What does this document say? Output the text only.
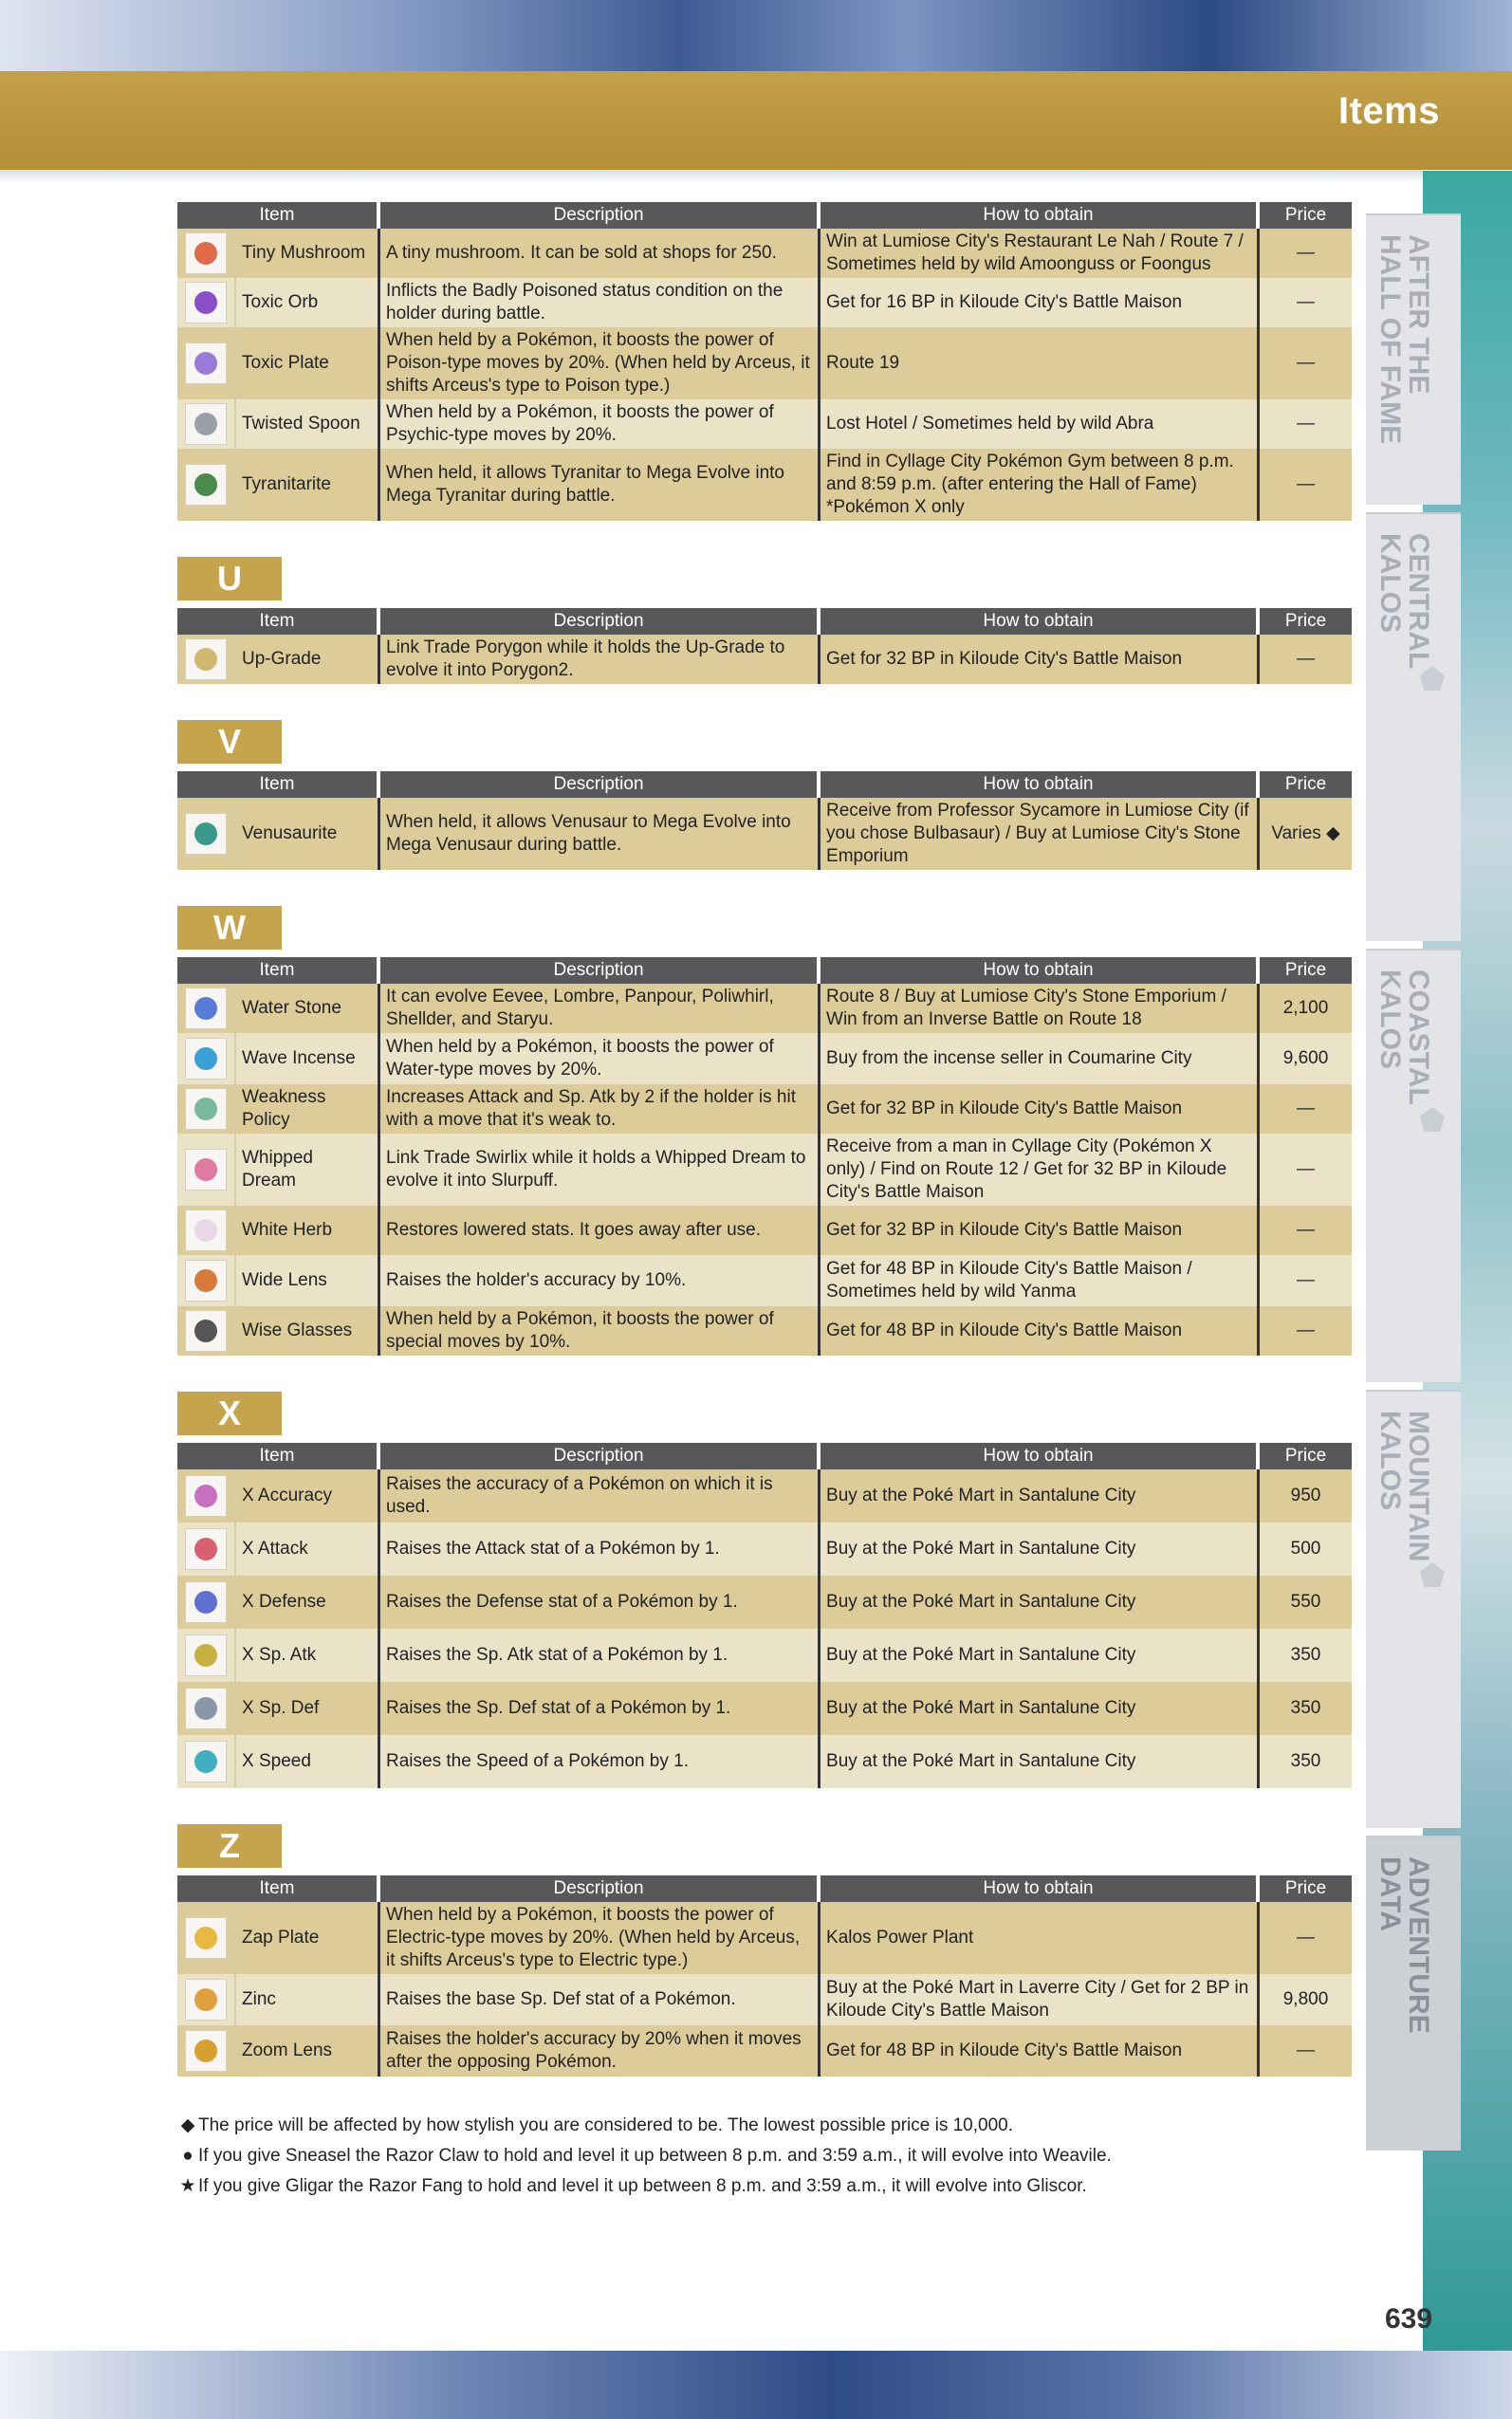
Items
AFTER THE
HALL OF FAME
CENTRAL
KALOS
COASTAL
KALOS
MOUNTAIN
KALOS
ADVENTURE
DATA
Item		Description	How to obtain	Price

	Tiny Mushroom	A tiny mushroom. It can be sold at shops for 250.	Win at Lumiose City's Restaurant Le Nah / Route 7 / Sometimes held by wild Amoonguss or Foongus	—

	Toxic Orb	Inflicts the Badly Poisoned status condition on the holder during battle.	Get for 16 BP in Kiloude City's Battle Maison	—

	Toxic Plate	When held by a Pokémon, it boosts the power of Poison-type moves by 20%. (When held by Arceus, it shifts Arceus's type to Poison type.)	Route 19	—

	Twisted Spoon	When held by a Pokémon, it boosts the power of Psychic-type moves by 20%.	Lost Hotel / Sometimes held by wild Abra	—

	Tyranitarite	When held, it allows Tyranitar to Mega Evolve into Mega Tyranitar during battle.	Find in Cyllage City Pokémon Gym between 8 p.m. and 8:59 p.m. (after entering the Hall of Fame) *Pokémon X only	—
U
Item		Description	How to obtain	Price

	Up-Grade	Link Trade Porygon while it holds the Up-Grade to evolve it into Porygon2.	Get for 32 BP in Kiloude City's Battle Maison	—
V
Item		Description	How to obtain	Price

	Venusaurite	When held, it allows Venusaur to Mega Evolve into Mega Venusaur during battle.	Receive from Professor Sycamore in Lumiose City (if you chose Bulbasaur) / Buy at Lumiose City's Stone Emporium	Varies ◆
W
Item		Description	How to obtain	Price

	Water Stone	It can evolve Eevee, Lombre, Panpour, Poliwhirl, Shellder, and Staryu.	Route 8 / Buy at Lumiose City's Stone Emporium / Win from an Inverse Battle on Route 18	2,100

	Wave Incense	When held by a Pokémon, it boosts the power of Water-type moves by 20%.	Buy from the incense seller in Coumarine City	9,600

	Weakness Policy	Increases Attack and Sp. Atk by 2 if the holder is hit with a move that it's weak to.	Get for 32 BP in Kiloude City's Battle Maison	—

	Whipped Dream	Link Trade Swirlix while it holds a Whipped Dream to evolve it into Slurpuff.	Receive from a man in Cyllage City (Pokémon X only) / Find on Route 12 / Get for 32 BP in Kiloude City's Battle Maison	—

	White Herb	Restores lowered stats. It goes away after use.	Get for 32 BP in Kiloude City's Battle Maison	—

	Wide Lens	Raises the holder's accuracy by 10%.	Get for 48 BP in Kiloude City's Battle Maison / Sometimes held by wild Yanma	—

	Wise Glasses	When held by a Pokémon, it boosts the power of special moves by 10%.	Get for 48 BP in Kiloude City's Battle Maison	—
X
Item		Description	How to obtain	Price

	X Accuracy	Raises the accuracy of a Pokémon on which it is used.	Buy at the Poké Mart in Santalune City	950

	X Attack	Raises the Attack stat of a Pokémon by 1.	Buy at the Poké Mart in Santalune City	500

	X Defense	Raises the Defense stat of a Pokémon by 1.	Buy at the Poké Mart in Santalune City	550

	X Sp. Atk	Raises the Sp. Atk stat of a Pokémon by 1.	Buy at the Poké Mart in Santalune City	350

	X Sp. Def	Raises the Sp. Def stat of a Pokémon by 1.	Buy at the Poké Mart in Santalune City	350

	X Speed	Raises the Speed of a Pokémon by 1.	Buy at the Poké Mart in Santalune City	350
Z
Item		Description	How to obtain	Price

	Zap Plate	When held by a Pokémon, it boosts the power of Electric-type moves by 20%. (When held by Arceus, it shifts Arceus's type to Electric type.)	Kalos Power Plant	—

	Zinc	Raises the base Sp. Def stat of a Pokémon.	Buy at the Poké Mart in Laverre City / Get for 2 BP in Kiloude City's Battle Maison	9,800

	Zoom Lens	Raises the holder's accuracy by 20% when it moves after the opposing Pokémon.	Get for 48 BP in Kiloude City's Battle Maison	—
◆ The price will be affected by how stylish you are considered to be. The lowest possible price is 10,000.
● If you give Sneasel the Razor Claw to hold and level it up between 8 p.m. and 3:59 a.m., it will evolve into Weavile.
★ If you give Gligar the Razor Fang to hold and level it up between 8 p.m. and 3:59 a.m., it will evolve into Gliscor.
639
